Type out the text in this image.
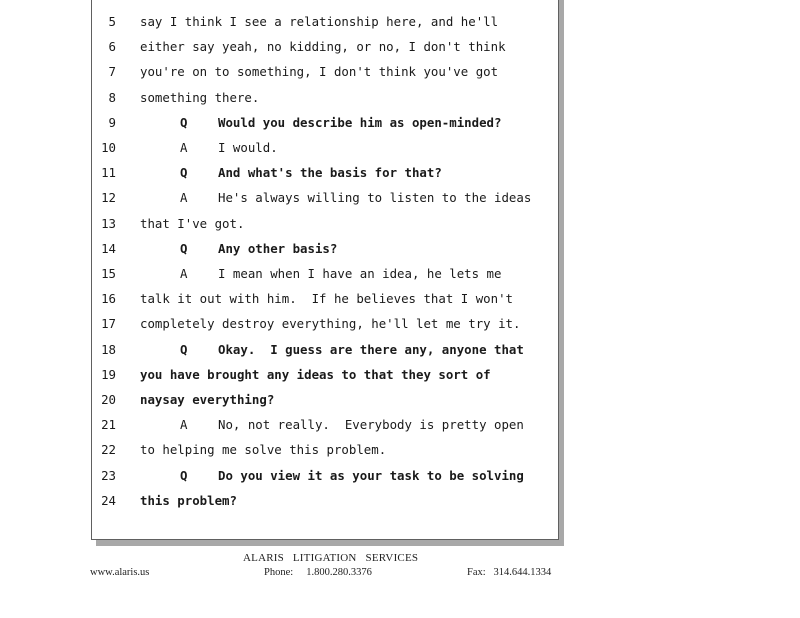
5 say I think I see a relationship here, and he'll
6 either say yeah, no kidding, or no, I don't think
7 you're on to something, I don't think you've got
8 something there.
9	Q Would you describe him as open-minded?
10	A I would.
11	Q And what's the basis for that?
12	A He's always willing to listen to the ideas
13 that I've got.
14	Q Any other basis?
15	A I mean when I have an idea, he lets me
16 talk it out with him.  If he believes that I won't
17 completely destroy everything, he'll let me try it.
18	Q Okay.  I guess are there any, anyone that
19 you have brought any ideas to that they sort of
20 naysay everything?
21	A No, not really.  Everybody is pretty open
22 to helping me solve this problem.
23	Q Do you view it as your task to be solving
24 this problem?
ALARIS LITIGATION SERVICES
www.alaris.us	Phone: 1.800.280.3376	Fax: 314.644.1334
